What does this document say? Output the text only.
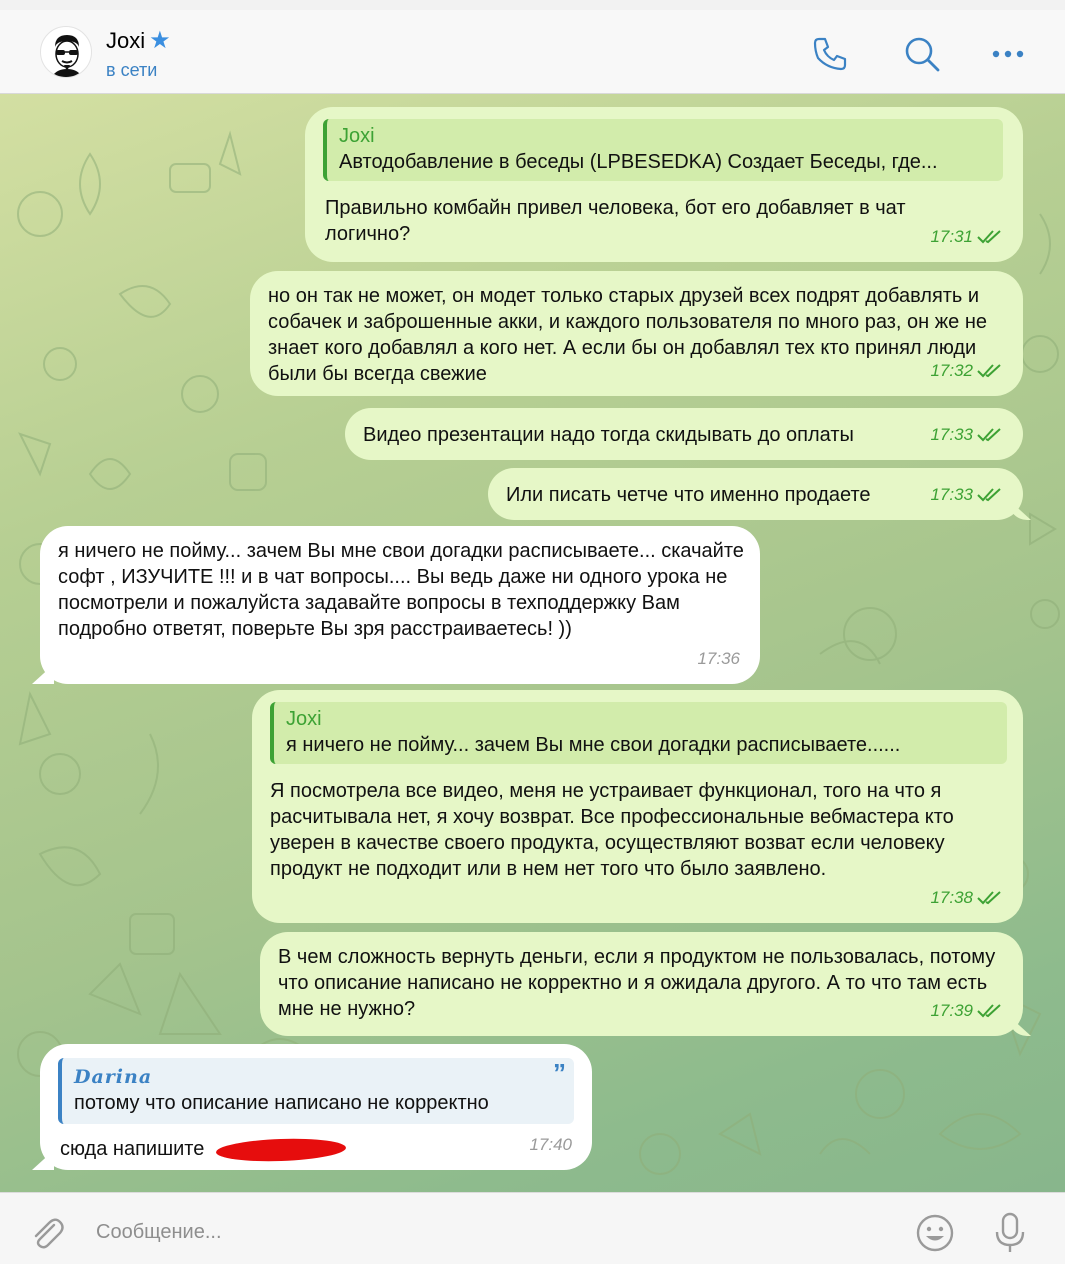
Joxi ★
в сети
Joxi
Автодобавление в беседы (LPBESEDKA) Создает Беседы, где...
Правильно комбайн привел человека, бот его добавляет в чат логично?	17:31
но он так не может, он модет только старых друзей всех подрят добавлять и собачек и заброшенные акки, и каждого пользователя по много раз, он же не знает кого добавлял а кого нет. А если бы он добавлял тех кто принял люди были бы всегда свежие	17:32
Видео презентации надо тогда скидывать до оплаты	17:33
Или писать четче что именно продаете	17:33
я ничего не пойму... зачем Вы мне свои догадки расписываете... скачайте софт , ИЗУЧИТЕ !!! и в чат вопросы.... Вы ведь даже ни одного урока не посмотрели и пожалуйста задавайте вопросы в техподдержку Вам подробно ответят, поверьте Вы зря расстраиваетесь! ))
17:36
Joxi
я ничего не пойму... зачем Вы мне свои догадки расписываете......
Я посмотрела все видео, меня не устраивает функционал, того на что я расчитывала нет, я хочу возврат. Все профессиональные вебмастера кто уверен в качестве своего продукта, осуществляют возват если человеку продукт не подходит или в нем нет того что было заявлено.
17:38
В чем сложность вернуть деньги, если я продуктом не пользовалась, потому что описание написано не корректно и я ожидала другого. А то что там есть мне не нужно?	17:39
Darina
потому что описание написано не корректно
”
сюда напишите	17:40
Сообщение...
